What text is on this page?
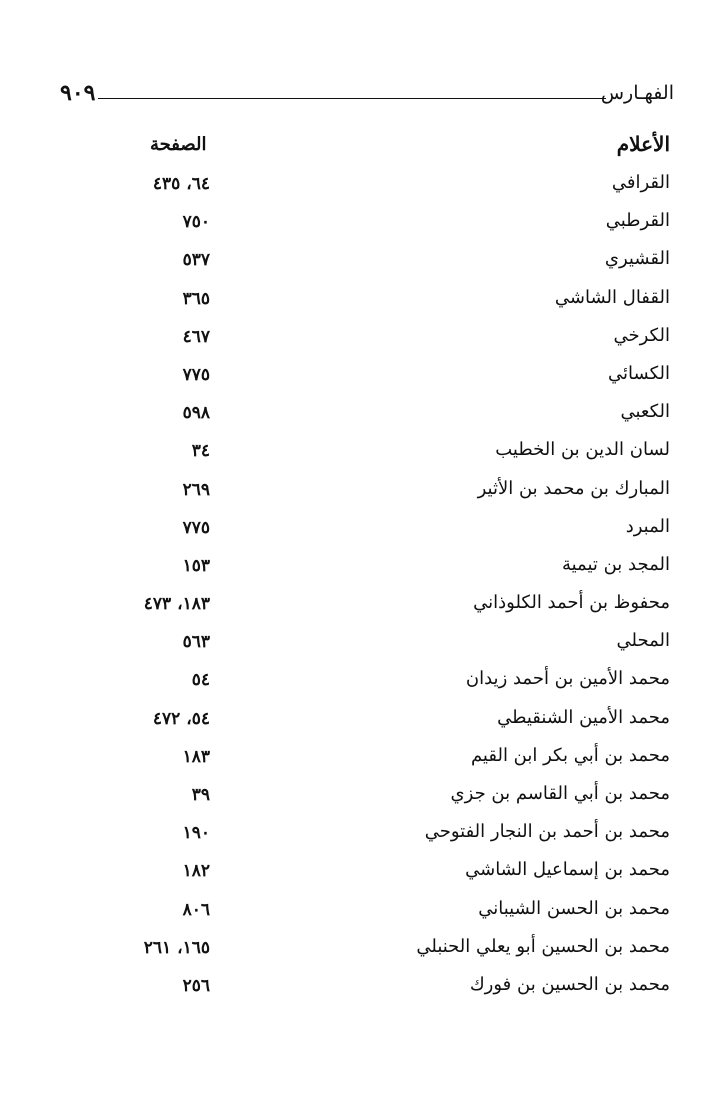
٩٠٩	الفهـارس
الأعلام
الصفحة
القرافي
٦٤، ٤٣٥
القرطبي
٧٥٠
القشيري
٥٣٧
القفال الشاشي
٣٦٥
الكرخي
٤٦٧
الكسائي
٧٧٥
الكعبي
٥٩٨
لسان الدين بن الخطيب
٣٤
المبارك بن محمد بن الأثير
٢٦٩
المبرد
٧٧٥
المجد بن تيمية
١٥٣
محفوظ بن أحمد الكلوذاني
١٨٣، ٤٧٣
المحلي
٥٦٣
محمد الأمين بن أحمد زيدان
٥٤
محمد الأمين الشنقيطي
٥٤، ٤٧٢
محمد بن أبي بكر ابن القيم
١٨٣
محمد بن أبي القاسم بن جزي
٣٩
محمد بن أحمد بن النجار الفتوحي
١٩٠
محمد بن إسماعيل الشاشي
١٨٢
محمد بن الحسن الشيباني
٨٠٦
محمد بن الحسين أبو يعلي الحنبلي
١٦٥، ٢٦١
محمد بن الحسين بن فورك
٢٥٦
